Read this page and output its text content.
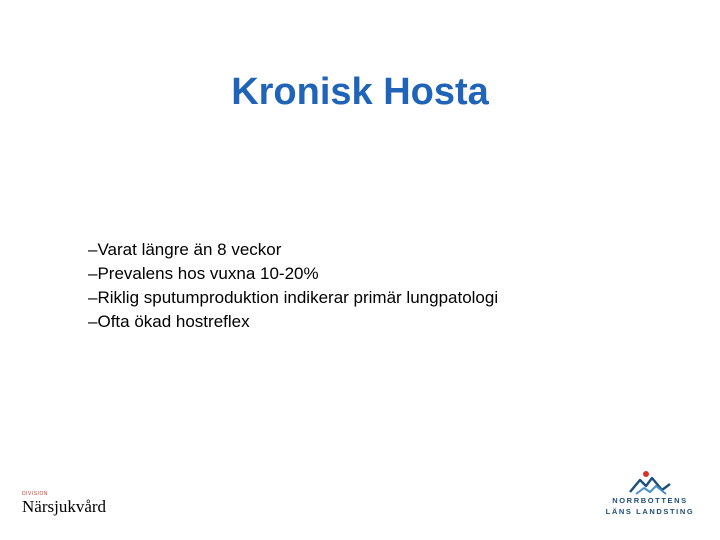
Kronisk Hosta
–Varat längre än 8 veckor
–Prevalens hos vuxna 10-20%
–Riklig sputumproduktion indikerar primär lungpatologi
–Ofta ökad hostreflex
DIVISION
Närsjukvård	NORRBOTTENS
LÄNS LANDSTING
